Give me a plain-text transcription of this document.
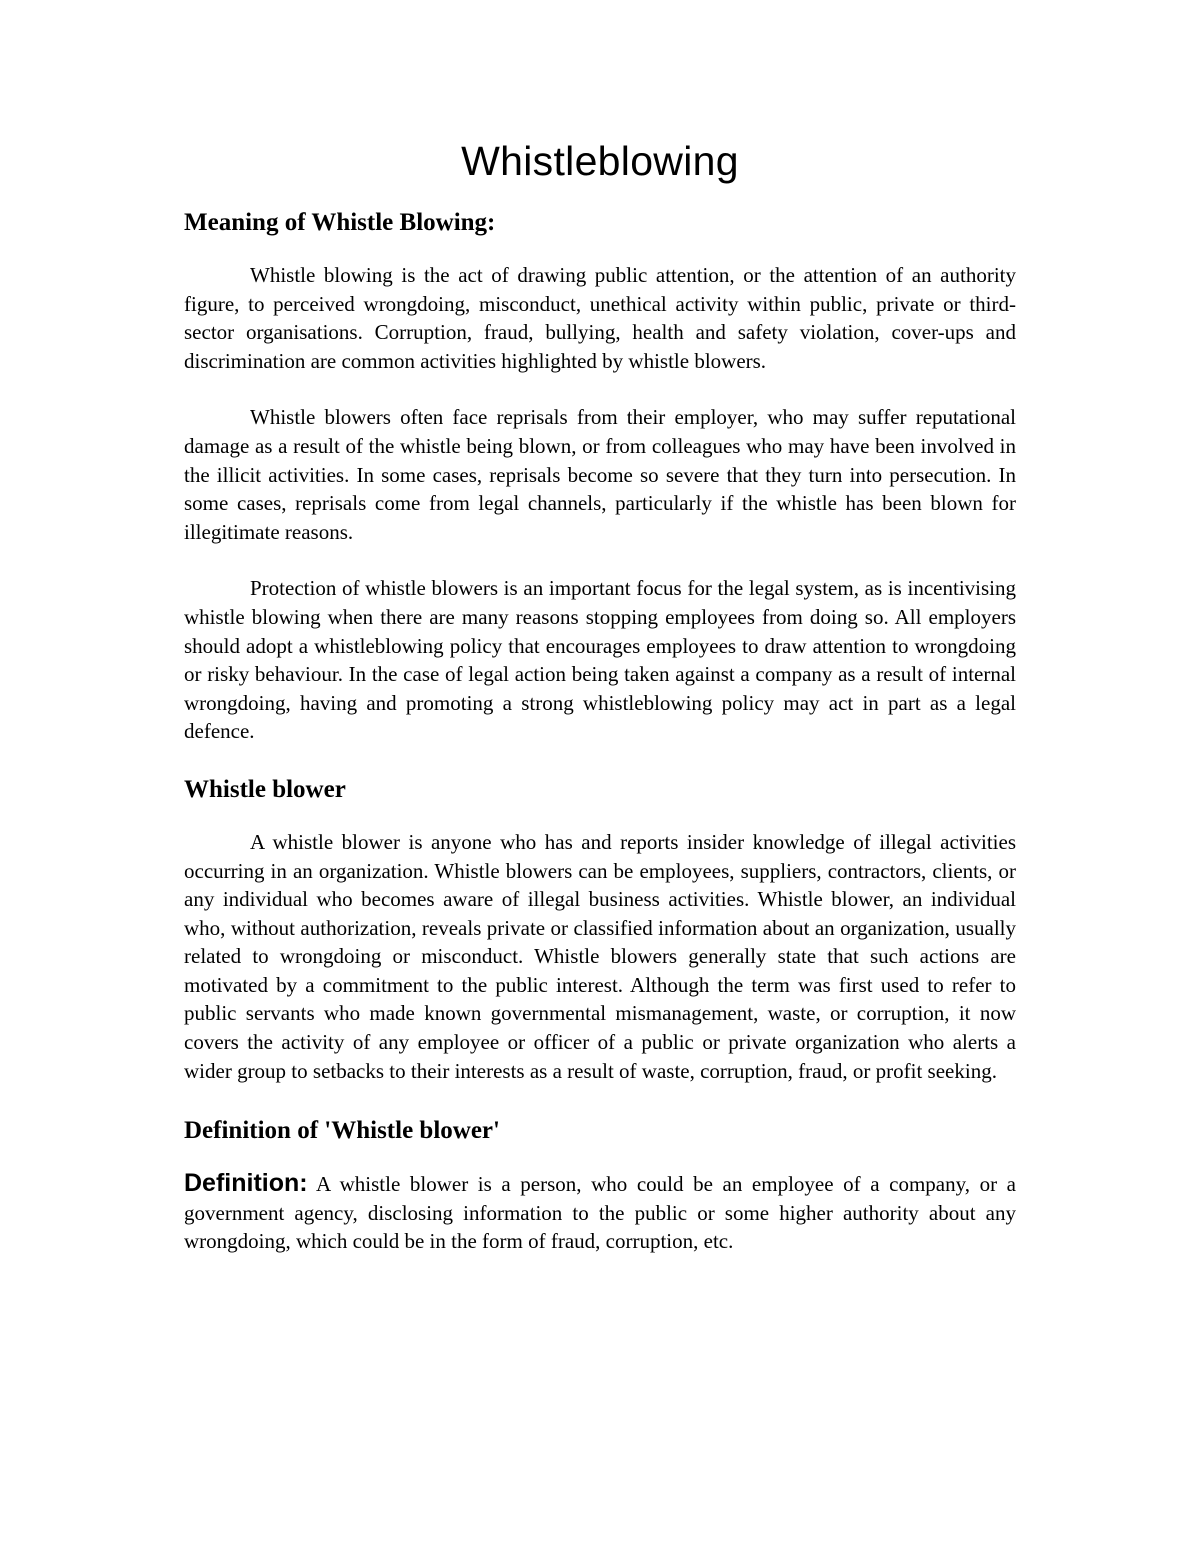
Whistleblowing
Meaning of Whistle Blowing:

Whistle blowing is the act of drawing public attention, or the attention of an authority figure, to perceived wrongdoing, misconduct, unethical activity within public, private or third-sector organisations. Corruption, fraud, bullying, health and safety violation, cover-ups and discrimination are common activities highlighted by whistle blowers.

Whistle blowers often face reprisals from their employer, who may suffer reputational damage as a result of the whistle being blown, or from colleagues who may have been involved in the illicit activities. In some cases, reprisals become so severe that they turn into persecution. In some cases, reprisals come from legal channels, particularly if the whistle has been blown for illegitimate reasons.

Protection of whistle blowers is an important focus for the legal system, as is incentivising whistle blowing when there are many reasons stopping employees from doing so. All employers should adopt a whistleblowing policy that encourages employees to draw attention to wrongdoing or risky behaviour. In the case of legal action being taken against a company as a result of internal wrongdoing, having and promoting a strong whistleblowing policy may act in part as a legal defence.

Whistle blower

A whistle blower is anyone who has and reports insider knowledge of illegal activities occurring in an organization. Whistle blowers can be employees, suppliers, contractors, clients, or any individual who becomes aware of illegal business activities. Whistle blower, an individual who, without authorization, reveals private or classified information about an organization, usually related to wrongdoing or misconduct. Whistle blowers generally state that such actions are motivated by a commitment to the public interest. Although the term was first used to refer to public servants who made known governmental mismanagement, waste, or corruption, it now covers the activity of any employee or officer of a public or private organization who alerts a wider group to setbacks to their interests as a result of waste, corruption, fraud, or profit seeking.

Definition of 'Whistle blower'

Definition: A whistle blower is a person, who could be an employee of a company, or a government agency, disclosing information to the public or some higher authority about any wrongdoing, which could be in the form of fraud, corruption, etc.
